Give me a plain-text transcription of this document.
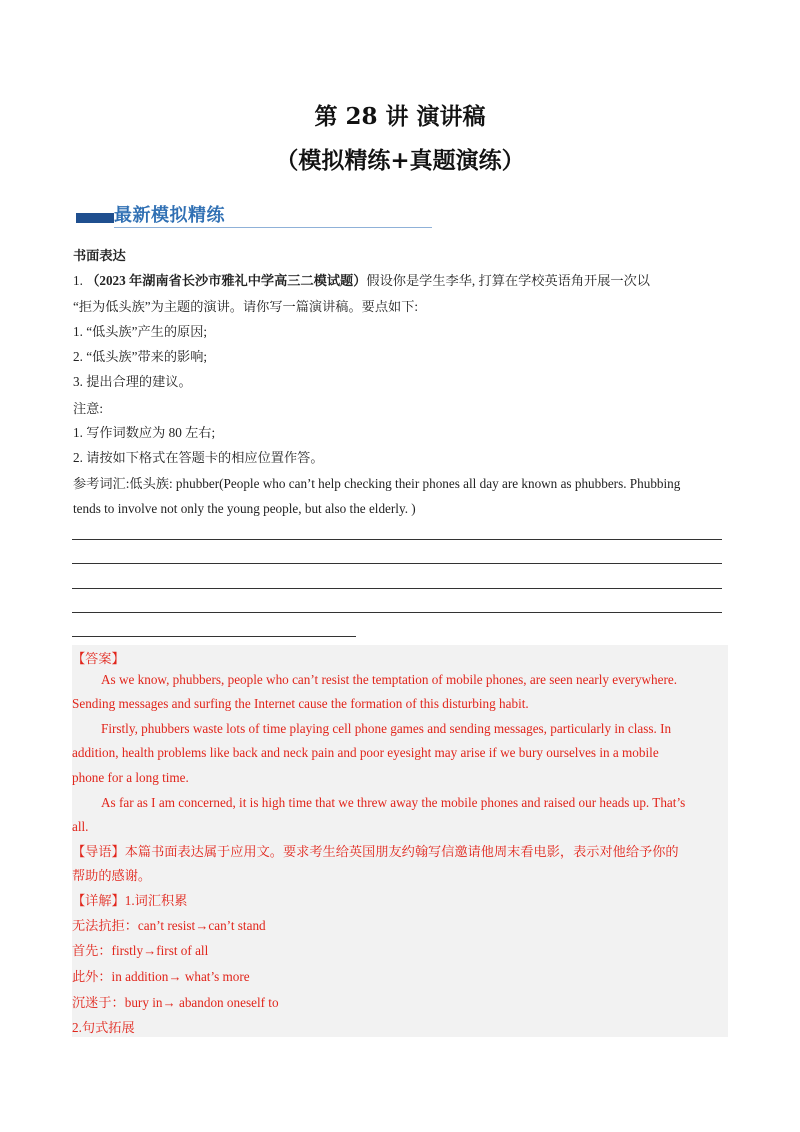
第 28 讲 演讲稿
（模拟精练+真题演练）
最新模拟精练
书面表达
1. （2023 年湖南省长沙市雅礼中学高三二模试题）假设你是学生李华, 打算在学校英语角开展一次以
“拒为低头族”为主题的演讲。请你写一篇演讲稿。要点如下:
1. “低头族”产生的原因;
2. “低头族”带来的影响;
3. 提出合理的建议。
注意:
1. 写作词数应为 80 左右;
2. 请按如下格式在答题卡的相应位置作答。
参考词汇:低头族: phubber(People who can’t help checking their phones all day are known as phubbers. Phubbing
tends to involve not only the young people, but also the elderly. )
【答案】
As we know, phubbers, people who can’t resist the temptation of mobile phones, are seen nearly everywhere.
Sending messages and surfing the Internet cause the formation of this disturbing habit.
Firstly, phubbers waste lots of time playing cell phone games and sending messages, particularly in class. In
addition, health problems like back and neck pain and poor eyesight may arise if we bury ourselves in a mobile
phone for a long time.
As far as I am concerned, it is high time that we threw away the mobile phones and raised our heads up. That’s
all.
【导语】本篇书面表达属于应用文。要求考生给英国朋友约翰写信邀请他周末看电影，表示对他给予你的
帮助的感谢。
【详解】1.词汇积累
无法抗拒：can’t resist→can’t stand
首先：firstly→first of all
此外：in addition→ what’s more
沉迷于：bury in→ abandon oneself to
2.句式拓展
